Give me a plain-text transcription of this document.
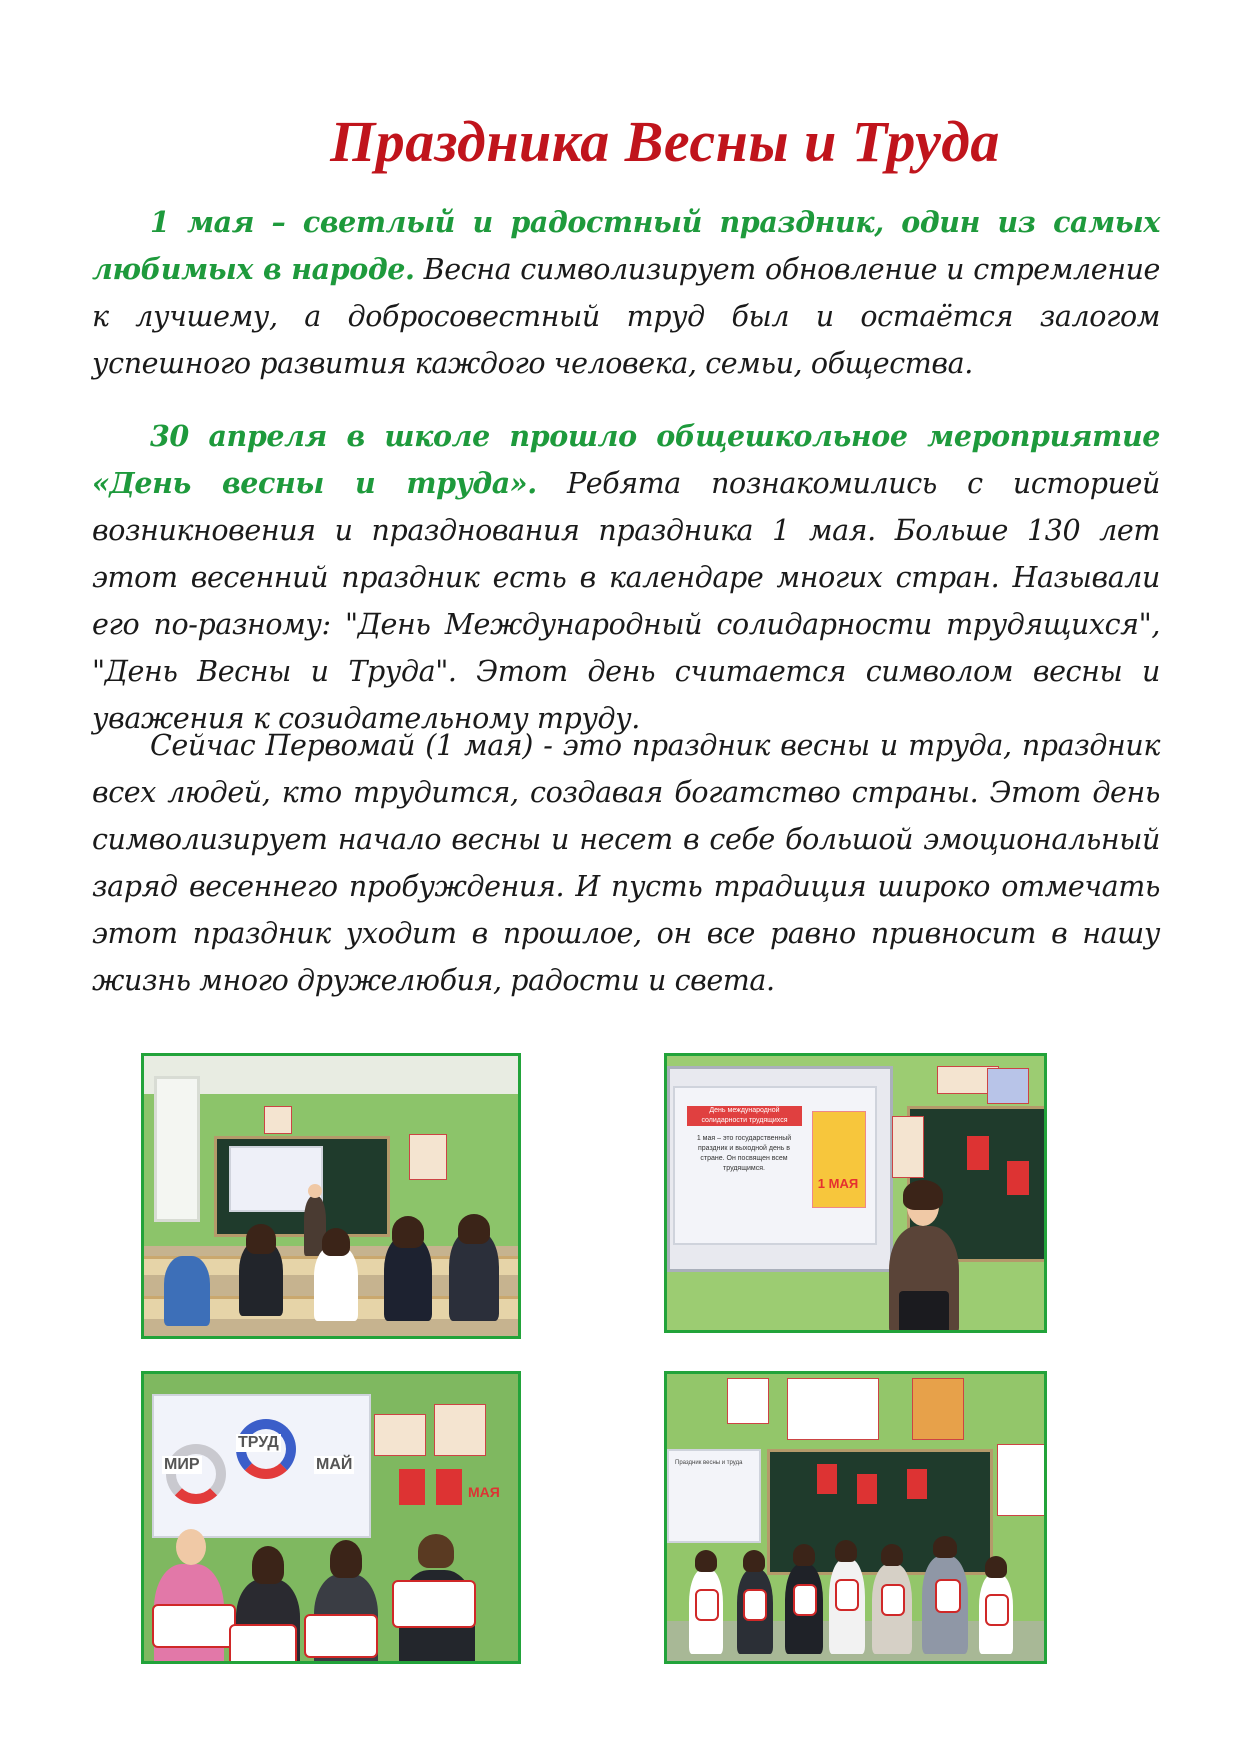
Праздника Весны и Труда

1 мая – светлый и радостный праздник, один из самых любимых в народе. Весна символизирует обновление и стремление к лучшему, а добросовестный труд был и остаётся залогом успешного развития каждого человека, семьи, общества.

30 апреля в школе прошло общешкольное мероприятие «День весны и труда». Ребята познакомились с историей возникновения и празднования праздника 1 мая. Больше 130 лет этот весенний праздник есть в календаре многих стран. Называли его по-разному: "День Международный солидарности трудящихся", "День Весны и Труда". Этот день считается символом весны и уважения к созидательному труду.

Сейчас Первомай (1 мая) - это праздник весны и труда, праздник всех людей, кто трудится, создавая богатство страны. Этот день символизирует начало весны и несет в себе большой эмоциональный заряд весеннего пробуждения. И пусть традиция широко отмечать этот праздник уходит в прошлое, он все равно привносит в нашу жизнь много дружелюбия, радости и света.

День международной солидарности трудящихся
1 мая – это государственный праздник и выходной день в стране. Он посвящен всем трудящимся.
1 МАЯ
МИР
ТРУД
МАЙ
МАЯ
Праздник весны и труда
